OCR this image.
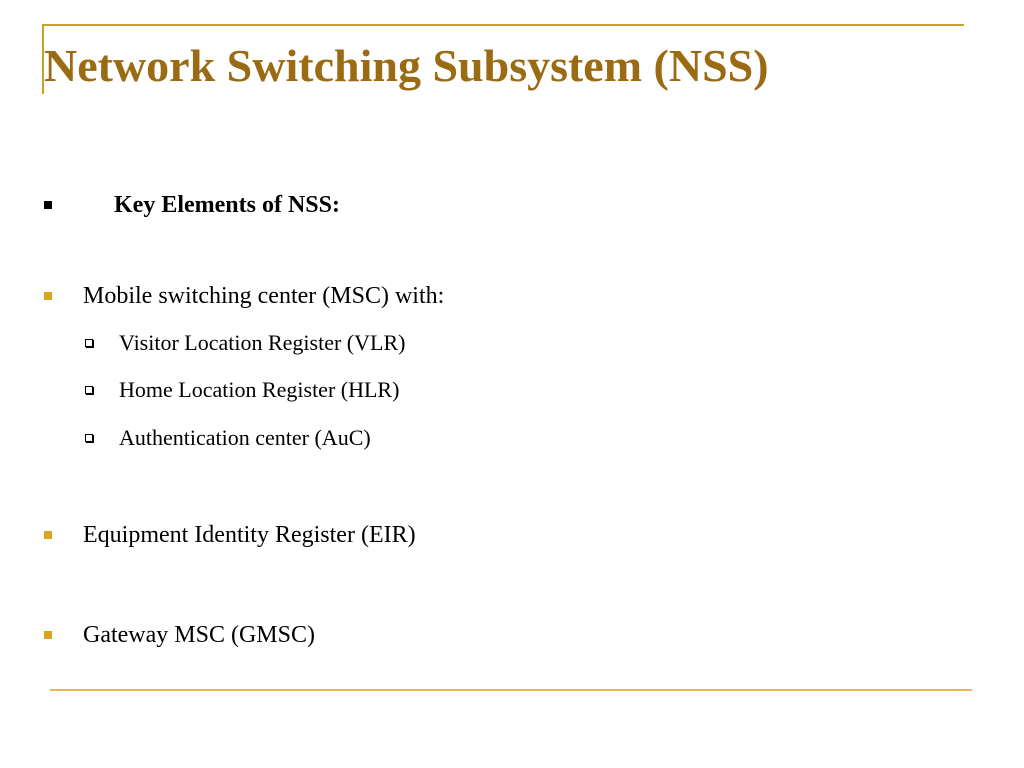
Network Switching Subsystem (NSS)
Key Elements of NSS:
Mobile switching center (MSC) with:
Visitor Location Register (VLR)
Home Location Register (HLR)
Authentication center (AuC)
Equipment Identity Register (EIR)
Gateway MSC (GMSC)
